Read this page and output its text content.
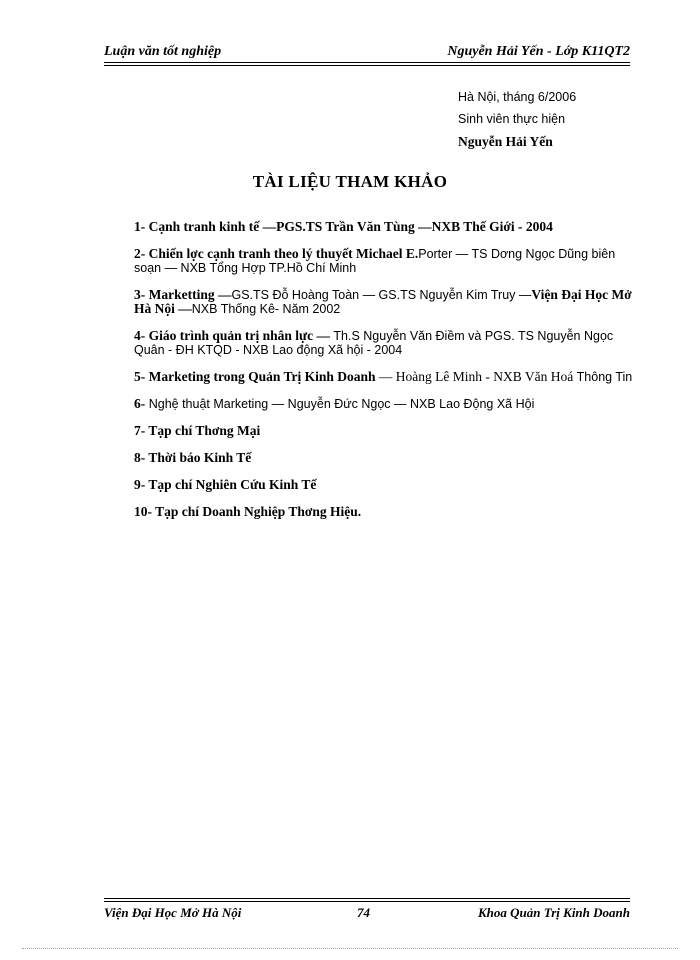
Luận văn tốt nghiệp	Nguyễn Hải Yến - Lớp K11QT2
Hà Nội, tháng 6/2006
Sinh viên thực hiện
Nguyễn Hải Yến
TÀI LIỆU THAM KHẢO
1- Cạnh tranh kinh tế —PGS.TS Trần Văn Tùng —NXB Thế Giới - 2004
2- Chiến lợc cạnh tranh theo lý thuyết Michael E.Porter — TS Dơng Ngọc Dũng biên soạn — NXB Tổng Hợp TP.Hồ Chí Minh
3- Marketting —GS.TS Đỗ Hoàng Toàn — GS.TS Nguyễn Kim Truy —Viện Đại Học Mở Hà Nội —NXB Thống Kê- Năm 2002
4- Giáo trình quản trị nhân lực — Th.S Nguyễn Văn Điềm và PGS. TS Nguyễn Ngọc Quân - ĐH KTQD - NXB Lao động Xã hội - 2004
5- Marketing trong Quản Trị Kinh Doanh — Hoàng Lê Minh - NXB Văn Hoá Thông Tin
6- Nghệ thuật Marketing — Nguyễn Đức Ngọc — NXB Lao Động Xã Hội
7- Tạp chí Thơng Mại
8- Thời báo Kinh Tế
9- Tạp chí Nghiên Cứu Kinh Tế
10- Tạp chí Doanh Nghiệp Thơng Hiệu.
Viện Đại Học Mở Hà Nội	74	Khoa Quản Trị Kinh Doanh
